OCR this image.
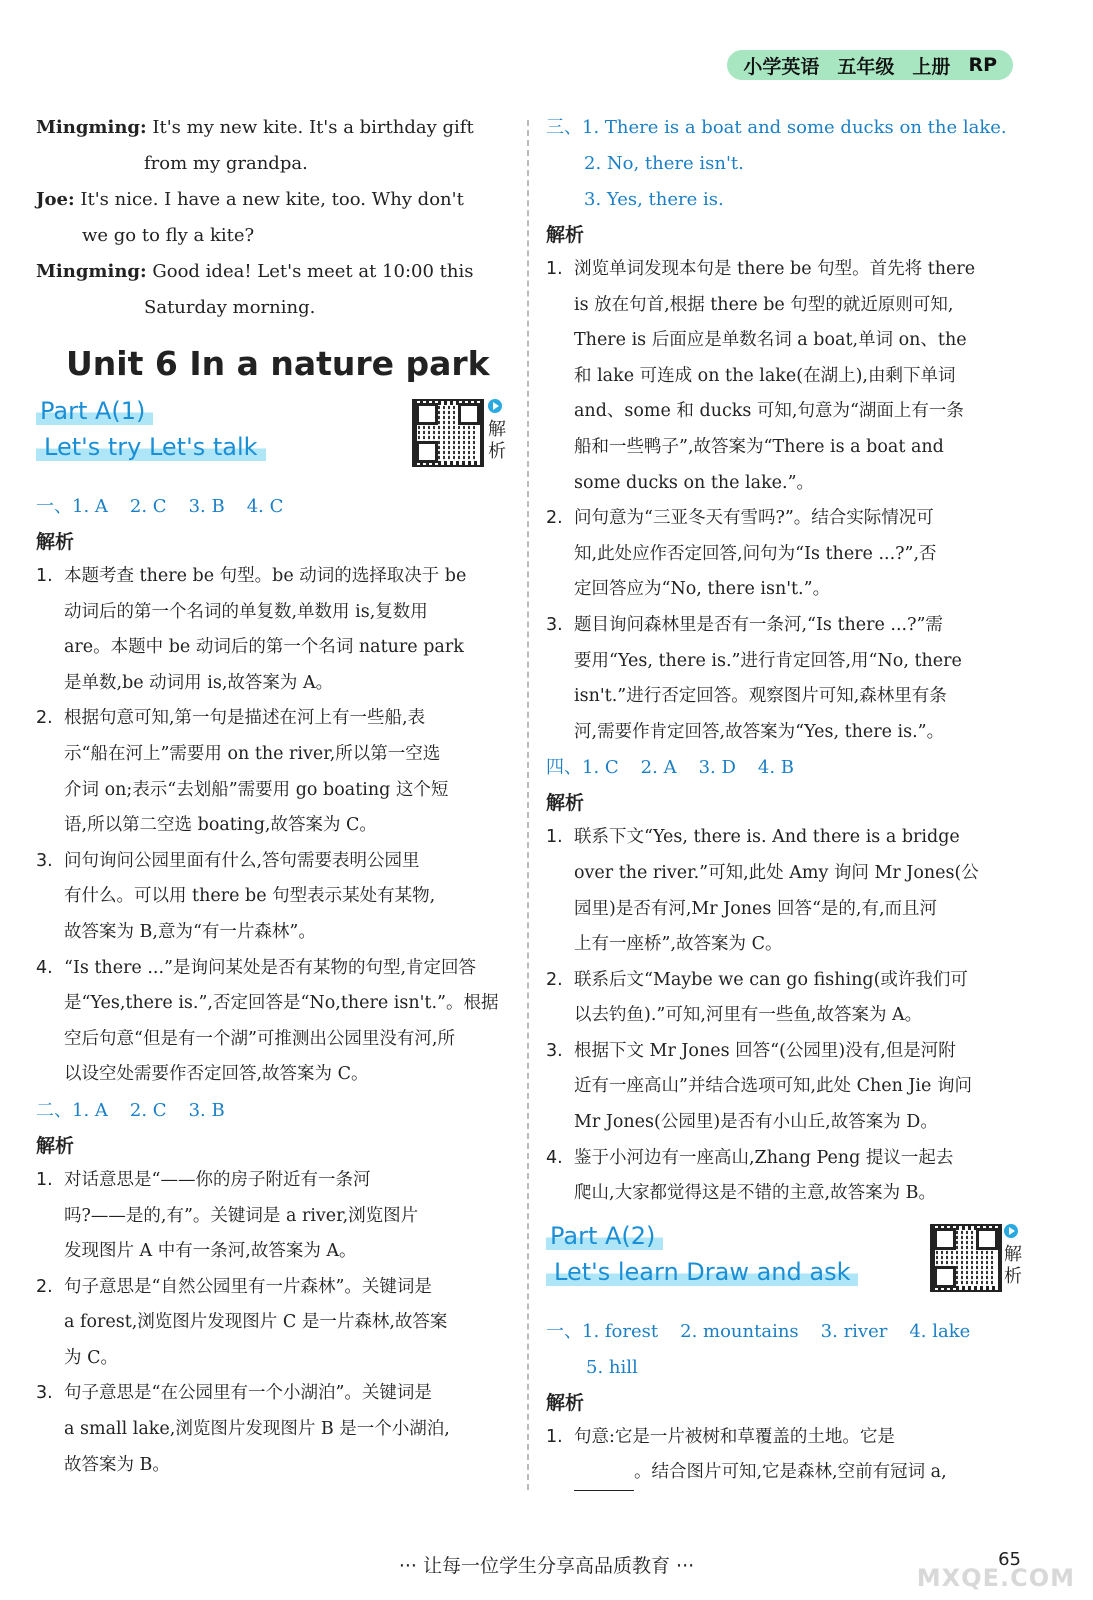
小学英语 五年级 上册 RP
Mingming: It's my new kite. It's a birthday gift
from my grandpa.
Joe: It's nice. I have a new kite, too. Why don't
we go to fly a kite?
Mingming: Good idea! Let's meet at 10:00 this
Saturday morning.
Unit 6 In a nature park
Part A(1)
Let's try Let's talk

解
析
一、1. A 2. C 3. B 4. C
解析
1. 本题考查 there be 句型。be 动词的选择取决于 be
动词后的第一个名词的单复数,单数用 is,复数用
are。本题中 be 动词后的第一个名词 nature park
是单数,be 动词用 is,故答案为 A。
2. 根据句意可知,第一句是描述在河上有一些船,表
示“船在河上”需要用 on the river,所以第一空选
介词 on;表示“去划船”需要用 go boating 这个短
语,所以第二空选 boating,故答案为 C。
3. 问句询问公园里面有什么,答句需要表明公园里
有什么。可以用 there be 句型表示某处有某物,
故答案为 B,意为“有一片森林”。
4. “Is there ...”是询问某处是否有某物的句型,肯定回答
是“Yes,there is.”,否定回答是“No,there isn't.”。根据
空后句意“但是有一个湖”可推测出公园里没有河,所
以设空处需要作否定回答,故答案为 C。
二、1. A 2. C 3. B
解析
1. 对话意思是“——你的房子附近有一条河
吗?——是的,有”。关键词是 a river,浏览图片
发现图片 A 中有一条河,故答案为 A。
2. 句子意思是“自然公园里有一片森林”。关键词是
a forest,浏览图片发现图片 C 是一片森林,故答案
为 C。
3. 句子意思是“在公园里有一个小湖泊”。关键词是
a small lake,浏览图片发现图片 B 是一个小湖泊,
故答案为 B。
三、1. There is a boat and some ducks on the lake.
2. No, there isn't.
3. Yes, there is.
解析
1. 浏览单词发现本句是 there be 句型。首先将 there
is 放在句首,根据 there be 句型的就近原则可知,
There is 后面应是单数名词 a boat,单词 on、the
和 lake 可连成 on the lake(在湖上),由剩下单词
and、some 和 ducks 可知,句意为“湖面上有一条
船和一些鸭子”,故答案为“There is a boat and
some ducks on the lake.”。
2. 问句意为“三亚冬天有雪吗?”。结合实际情况可
知,此处应作否定回答,问句为“Is there ...?”,否
定回答应为“No, there isn't.”。
3. 题目询问森林里是否有一条河,“Is there ...?”需
要用“Yes, there is.”进行肯定回答,用“No, there
isn't.”进行否定回答。观察图片可知,森林里有条
河,需要作肯定回答,故答案为“Yes, there is.”。
四、1. C 2. A 3. D 4. B
解析
1. 联系下文“Yes, there is. And there is a bridge
over the river.”可知,此处 Amy 询问 Mr Jones(公
园里)是否有河,Mr Jones 回答“是的,有,而且河
上有一座桥”,故答案为 C。
2. 联系后文“Maybe we can go fishing(或许我们可
以去钓鱼).”可知,河里有一些鱼,故答案为 A。
3. 根据下文 Mr Jones 回答“(公园里)没有,但是河附
近有一座高山”并结合选项可知,此处 Chen Jie 询问
Mr Jones(公园里)是否有小山丘,故答案为 D。
4. 鉴于小河边有一座高山,Zhang Peng 提议一起去
爬山,大家都觉得这是不错的主意,故答案为 B。
Part A(2)
Let's learn Draw and ask

解
析
一、1. forest 2. mountains 3. river 4. lake
5. hill
解析
1. 句意:它是一片被树和草覆盖的土地。它是
。结合图片可知,它是森林,空前有冠词 a,
··· 让每一位学生分享高品质教育 ···	65
MXQE.COM
